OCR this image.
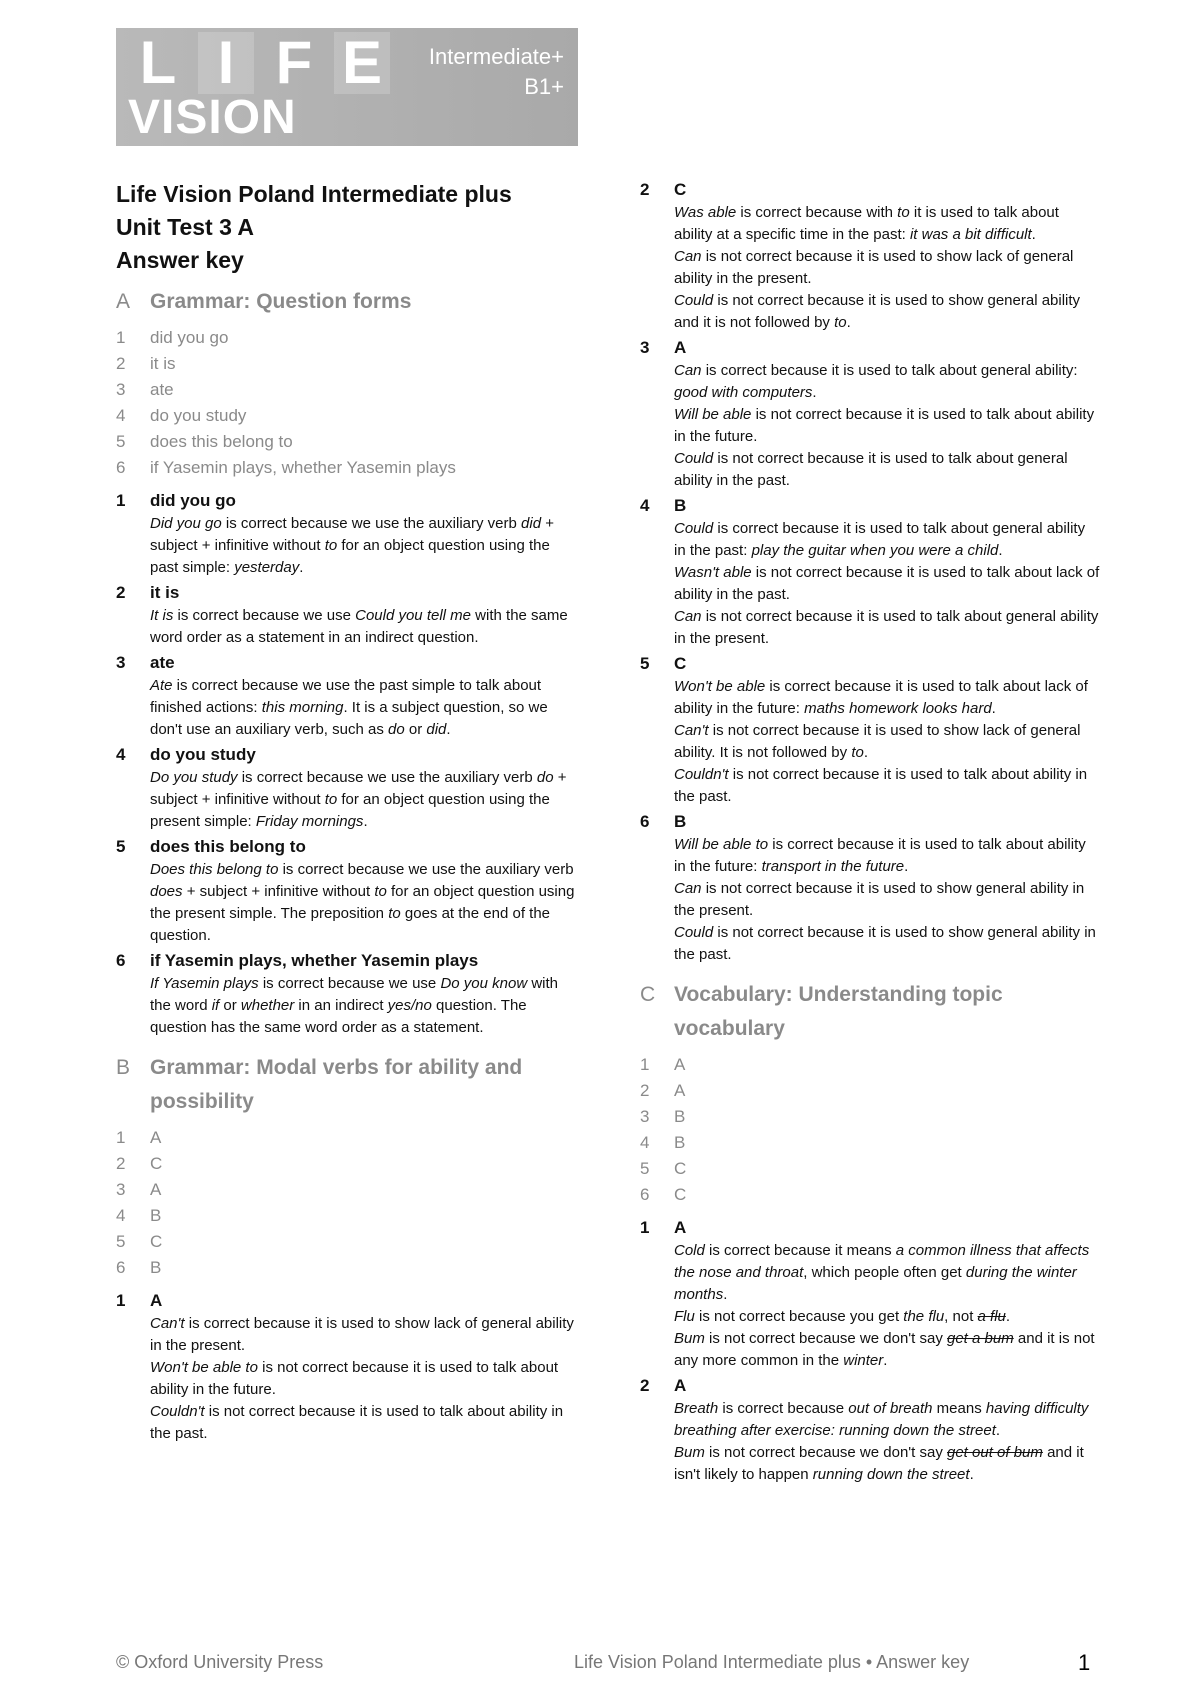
L I F E
VISION
Intermediate+
B1+
Life Vision Poland Intermediate plus
Unit Test 3 A
Answer key
A Grammar: Question forms
1	did you go
2	it is
3	ate
4	do you study
5	does this belong to
6	if Yasemin plays, whether Yasemin plays
1	did you go

Did you go is correct because we use the auxiliary verb did + subject + infinitive without to for an object question using the past simple: yesterday.

2	it is

It is is correct because we use Could you tell me with the same word order as a statement in an indirect question.

3	ate

Ate is correct because we use the past simple to talk about finished actions: this morning. It is a subject question, so we don't use an auxiliary verb, such as do or did.

4	do you study

Do you study is correct because we use the auxiliary verb do + subject + infinitive without to for an object question using the present simple: Friday mornings.

5	does this belong to

Does this belong to is correct because we use the auxiliary verb does + subject + infinitive without to for an object question using the present simple. The preposition to goes at the end of the question.

6	if Yasemin plays, whether Yasemin plays

If Yasemin plays is correct because we use Do you know with the word if or whether in an indirect yes/no question. The question has the same word order as a statement.

B Grammar: Modal verbs for ability and possibility
1	A
2	C
3	A
4	B
5	C
6	B
1	A

Can't is correct because it is used to show lack of general ability in the present.

Won't be able to is not correct because it is used to talk about ability in the future.

Couldn't is not correct because it is used to talk about ability in the past.

2	C

Was able is correct because with to it is used to talk about ability at a specific time in the past: it was a bit difficult.

Can is not correct because it is used to show lack of general ability in the present.

Could is not correct because it is used to show general ability and it is not followed by to.

3	A

Can is correct because it is used to talk about general ability: good with computers.

Will be able is not correct because it is used to talk about ability in the future.

Could is not correct because it is used to talk about general ability in the past.

4	B

Could is correct because it is used to talk about general ability in the past: play the guitar when you were a child.

Wasn't able is not correct because it is used to talk about lack of ability in the past.

Can is not correct because it is used to talk about general ability in the present.

5	C

Won't be able is correct because it is used to talk about lack of ability in the future: maths homework looks hard.

Can't is not correct because it is used to show lack of general ability. It is not followed by to.

Couldn't is not correct because it is used to talk about ability in the past.

6	B

Will be able to is correct because it is used to talk about ability in the future: transport in the future.

Can is not correct because it is used to show general ability in the present.

Could is not correct because it is used to show general ability in the past.

C Vocabulary: Understanding topic vocabulary
1	A
2	A
3	B
4	B
5	C
6	C
1	A

Cold is correct because it means a common illness that affects the nose and throat, which people often get during the winter months.

Flu is not correct because you get the flu, not a flu.

Bum is not correct because we don't say get a bum and it is not any more common in the winter.

2	A

Breath is correct because out of breath means having difficulty breathing after exercise: running down the street.

Bum is not correct because we don't say get out of bum and it isn't likely to happen running down the street.

© Oxford University Press	Life Vision Poland Intermediate plus • Answer key	1
